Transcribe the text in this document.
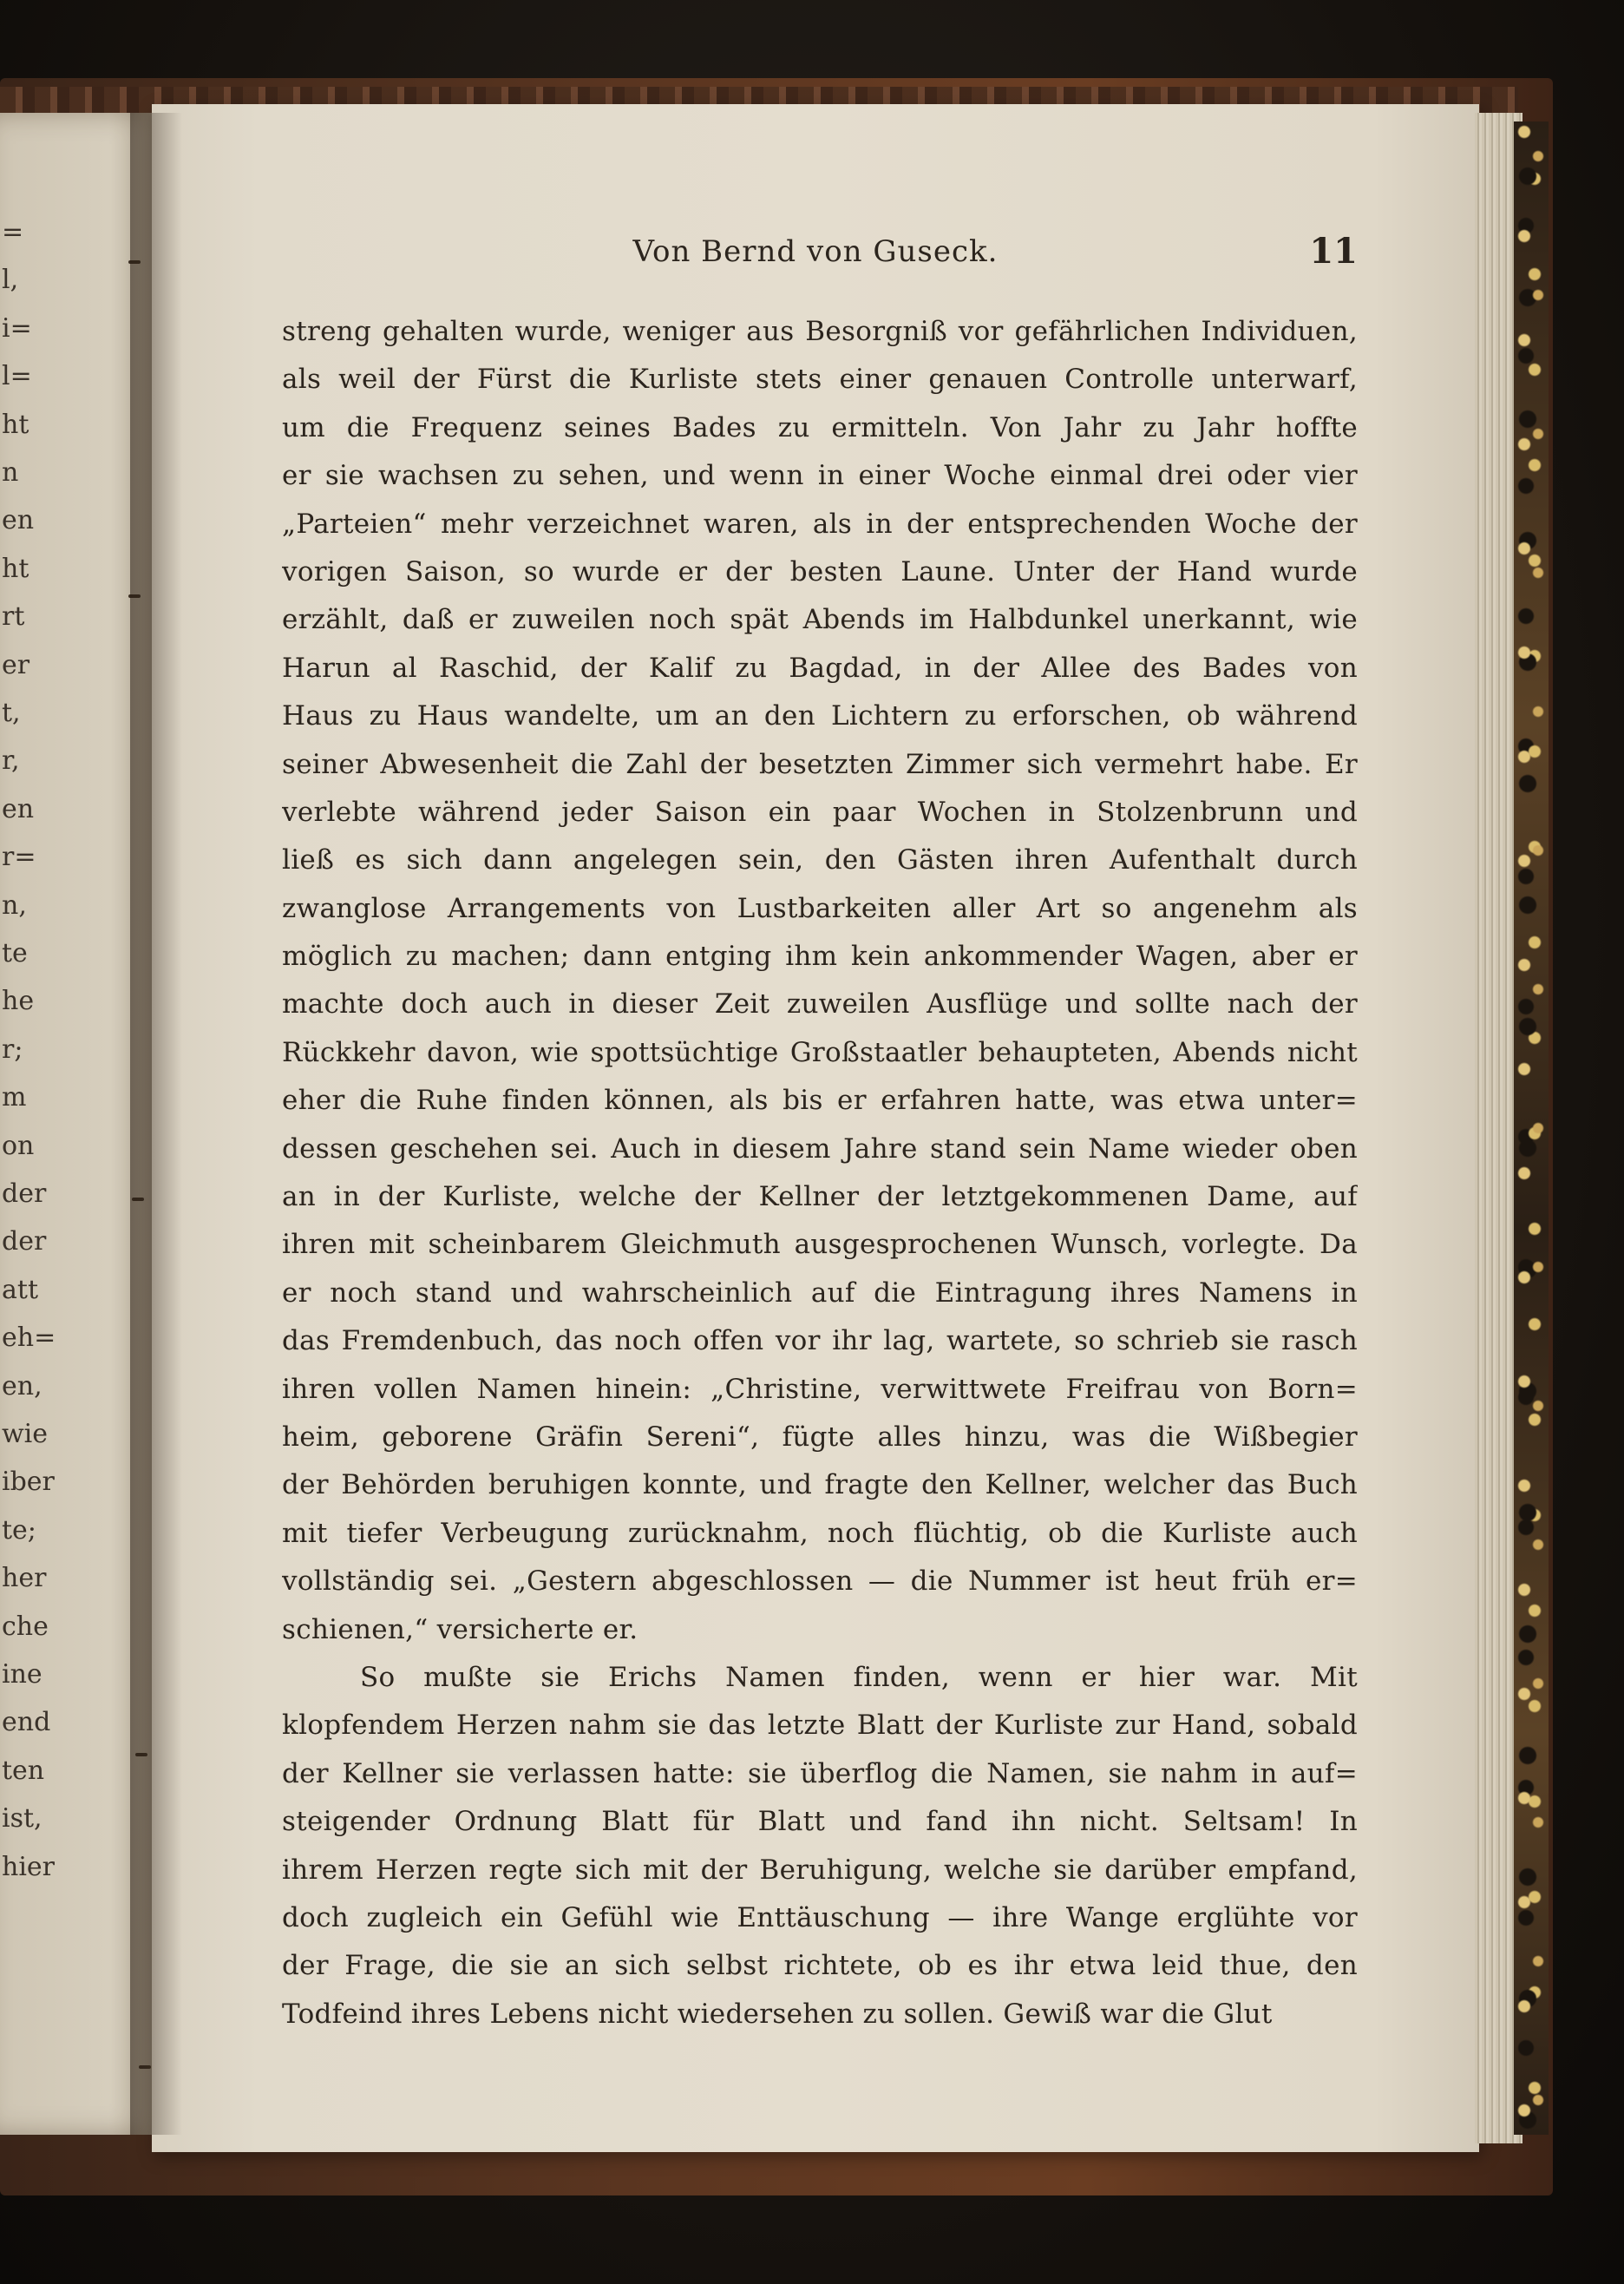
=
l,
i=
l=
ht
n
en
ht
rt
er
t,
r,
en
r=
n,
te
he
r;
m
on
der
der
att
eh=
en,
wie
iber
te;
her
che
ine
end
ten
ist,
hier
Von Bernd von Guseck.	11
streng gehalten wurde, weniger aus Besorgniß vor gefährlichen Individuen,
als weil der Fürst die Kurliste stets einer genauen Controlle unterwarf,
um die Frequenz seines Bades zu ermitteln. Von Jahr zu Jahr hoffte
er sie wachsen zu sehen, und wenn in einer Woche einmal drei oder vier
„Parteien“ mehr verzeichnet waren, als in der entsprechenden Woche der
vorigen Saison, so wurde er der besten Laune. Unter der Hand wurde
erzählt, daß er zuweilen noch spät Abends im Halbdunkel unerkannt, wie
Harun al Raschid, der Kalif zu Bagdad, in der Allee des Bades von
Haus zu Haus wandelte, um an den Lichtern zu erforschen, ob während
seiner Abwesenheit die Zahl der besetzten Zimmer sich vermehrt habe. Er
verlebte während jeder Saison ein paar Wochen in Stolzenbrunn und
ließ es sich dann angelegen sein, den Gästen ihren Aufenthalt durch
zwanglose Arrangements von Lustbarkeiten aller Art so angenehm als
möglich zu machen; dann entging ihm kein ankommender Wagen, aber er
machte doch auch in dieser Zeit zuweilen Ausflüge und sollte nach der
Rückkehr davon, wie spottsüchtige Großstaatler behaupteten, Abends nicht
eher die Ruhe finden können, als bis er erfahren hatte, was etwa unter=
dessen geschehen sei. Auch in diesem Jahre stand sein Name wieder oben
an in der Kurliste, welche der Kellner der letztgekommenen Dame, auf
ihren mit scheinbarem Gleichmuth ausgesprochenen Wunsch, vorlegte. Da
er noch stand und wahrscheinlich auf die Eintragung ihres Namens in
das Fremdenbuch, das noch offen vor ihr lag, wartete, so schrieb sie rasch
ihren vollen Namen hinein: „Christine, verwittwete Freifrau von Born=
heim, geborene Gräfin Sereni“, fügte alles hinzu, was die Wißbegier
der Behörden beruhigen konnte, und fragte den Kellner, welcher das Buch
mit tiefer Verbeugung zurücknahm, noch flüchtig, ob die Kurliste auch
vollständig sei. „Gestern abgeschlossen — die Nummer ist heut früh er=
schienen,“ versicherte er.
So mußte sie Erichs Namen finden, wenn er hier war. Mit
klopfendem Herzen nahm sie das letzte Blatt der Kurliste zur Hand, sobald
der Kellner sie verlassen hatte: sie überflog die Namen, sie nahm in auf=
steigender Ordnung Blatt für Blatt und fand ihn nicht. Seltsam! In
ihrem Herzen regte sich mit der Beruhigung, welche sie darüber empfand,
doch zugleich ein Gefühl wie Enttäuschung — ihre Wange erglühte vor
der Frage, die sie an sich selbst richtete, ob es ihr etwa leid thue, den
Todfeind ihres Lebens nicht wiedersehen zu sollen. Gewiß war die Glut
